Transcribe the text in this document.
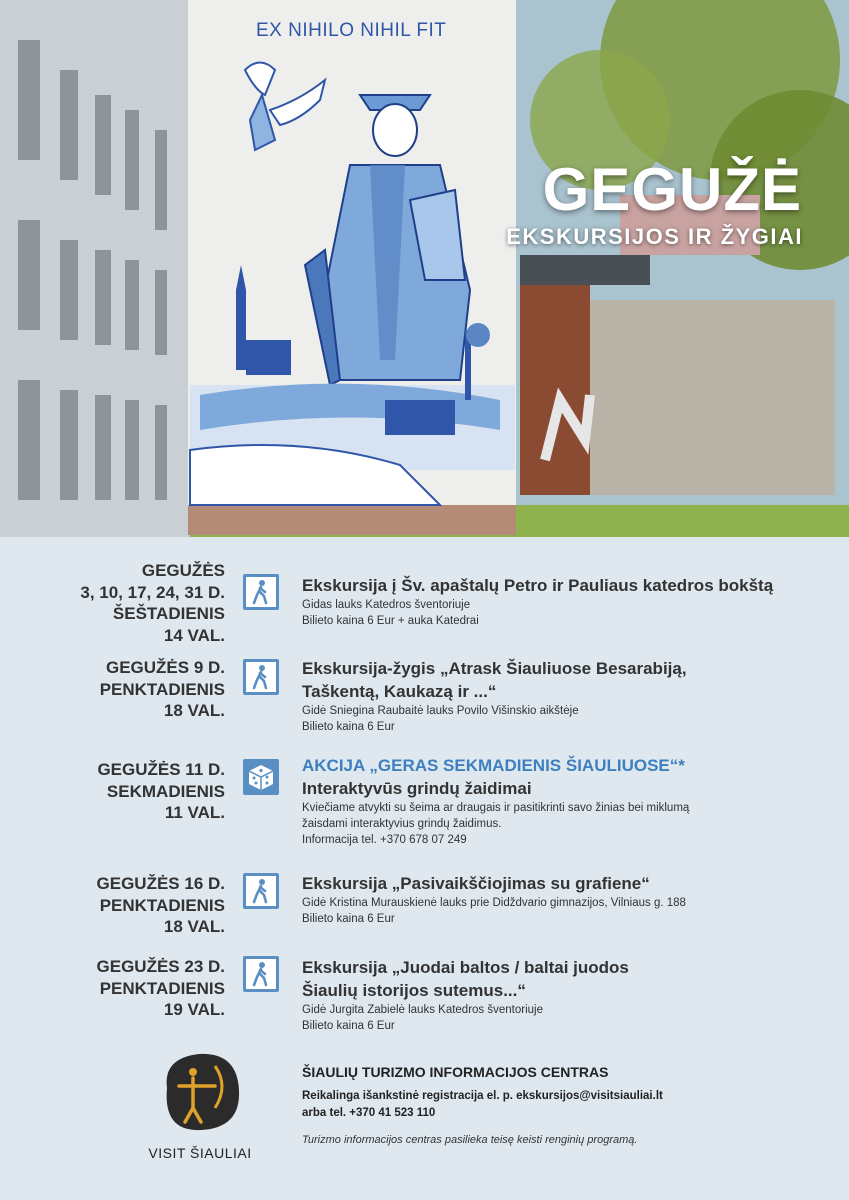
EX NIHILO NIHIL FIT
GEGUŽĖ
EKSKURSIJOS IR ŽYGIAI
GEGUŽĖS
3, 10, 17, 24, 31 D.
ŠEŠTADIENIS
14 VAL.
Ekskursija į Šv. apaštalų Petro ir Pauliaus katedros bokštą
Gidas lauks Katedros šventoriuje
Bilieto kaina 6 Eur + auka Katedrai
GEGUŽĖS 9 D.
PENKTADIENIS
18 VAL.
Ekskursija-žygis „Atrask Šiauliuose Besarabiją,
Taškentą, Kaukazą ir ...“
Gidė Sniegina Raubaitė lauks Povilo Višinskio aikštėje
Bilieto kaina 6 Eur
GEGUŽĖS 11 D.
SEKMADIENIS
11 VAL.
AKCIJA „GERAS SEKMADIENIS ŠIAULIUOSE“*
Interaktyvūs grindų žaidimai
Kviečiame atvykti su šeima ar draugais ir pasitikrinti savo žinias bei miklumą
žaisdami interaktyvius grindų žaidimus.
Informacija tel. +370 678 07 249
GEGUŽĖS 16 D.
PENKTADIENIS
18 VAL.
Ekskursija „Pasivaikščiojimas su grafiene“
Gidė Kristina Murauskienė lauks prie Didždvario gimnazijos, Vilniaus g. 188
Bilieto kaina 6 Eur
GEGUŽĖS 23 D.
PENKTADIENIS
19 VAL.
Ekskursija „Juodai baltos / baltai juodos
Šiaulių istorijos sutemus...“
Gidė Jurgita Zabielė lauks Katedros šventoriuje
Bilieto kaina 6 Eur
VISIT ŠIAULIAI
ŠIAULIŲ TURIZMO INFORMACIJOS CENTRAS
Reikalinga išankstinė registracija el. p. ekskursijos@visitsiauliai.lt
arba tel. +370 41 523 110
Turizmo informacijos centras pasilieka teisę keisti renginių programą.
